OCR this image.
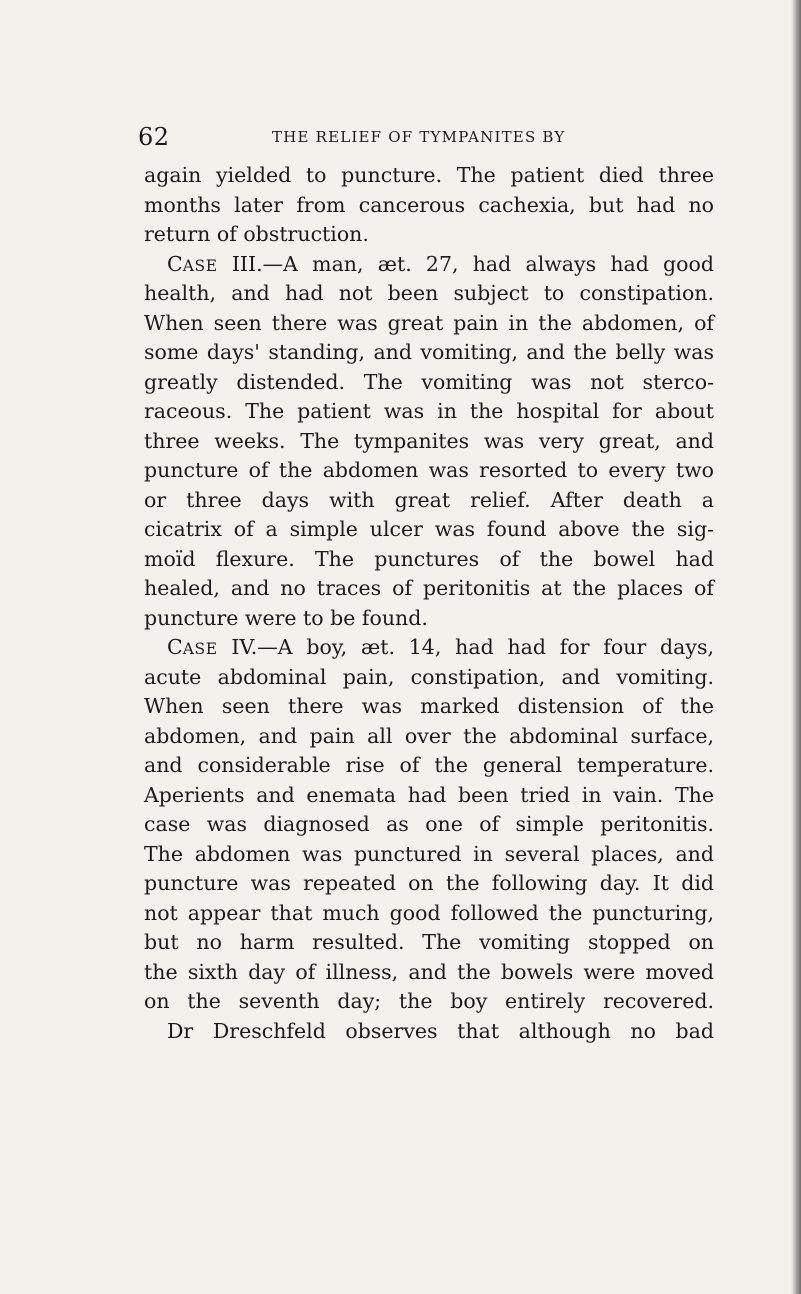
62	THE RELIEF OF TYMPANITES BY
again yielded to puncture. The patient died three
months later from cancerous cachexia, but had no
return of obstruction.
CASE III.—A man, æt. 27, had always had good
health, and had not been subject to constipation.
When seen there was great pain in the abdomen, of
some days' standing, and vomiting, and the belly was
greatly distended. The vomiting was not sterco-
raceous. The patient was in the hospital for about
three weeks. The tympanites was very great, and
puncture of the abdomen was resorted to every two
or three days with great relief. After death a
cicatrix of a simple ulcer was found above the sig-
moïd flexure. The punctures of the bowel had
healed, and no traces of peritonitis at the places of
puncture were to be found.
CASE IV.—A boy, æt. 14, had had for four days,
acute abdominal pain, constipation, and vomiting.
When seen there was marked distension of the
abdomen, and pain all over the abdominal surface,
and considerable rise of the general temperature.
Aperients and enemata had been tried in vain. The
case was diagnosed as one of simple peritonitis.
The abdomen was punctured in several places, and
puncture was repeated on the following day. It did
not appear that much good followed the puncturing,
but no harm resulted. The vomiting stopped on
the sixth day of illness, and the bowels were moved
on the seventh day; the boy entirely recovered.
Dr Dreschfeld observes that although no bad
